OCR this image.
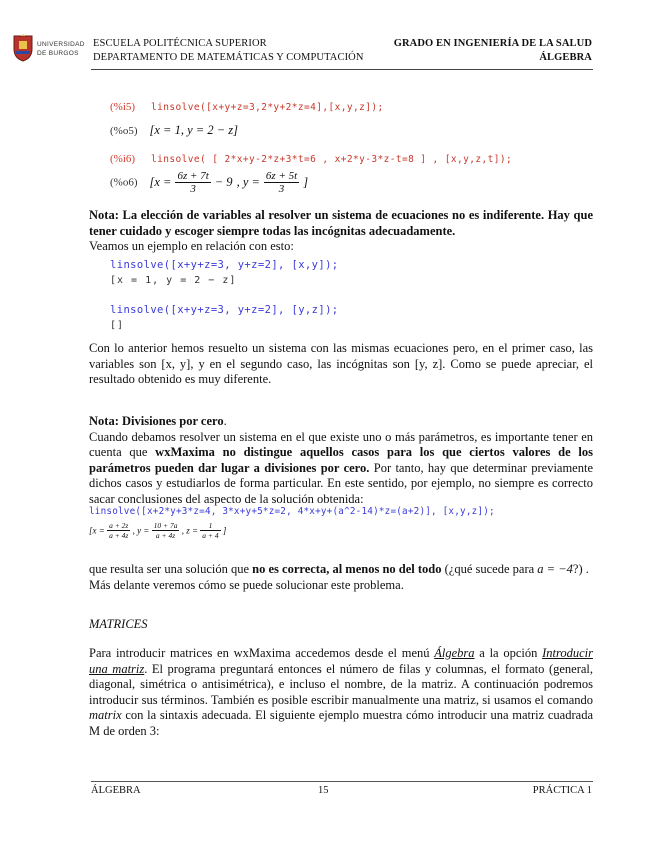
UNIVERSIDAD
DE BURGOS
ESCUELA POLITÉCNICA SUPERIOR
DEPARTAMENTO DE MATEMÁTICAS Y COMPUTACIÓN
GRADO EN INGENIERÍA DE LA SALUD
ÁLGEBRA
(%i5) linsolve([x+y+z=3,2*y+2*z=4],[x,y,z]);
(%o5) [x = 1, y = 2 − z]
(%i6) linsolve( [ 2*x+y-2*z+3*t=6 , x+2*y-3*z-t=8 ] , [x,y,z,t]);
(%o6) [$x = \frac{6z + 7t}{3} - 9$ , $y = \frac{6z + 5t}{3}$ ]
Nota: La elección de variables al resolver un sistema de ecuaciones no es indiferente. Hay que tener cuidado y escoger siempre todas las incógnitas adecuadamente.
Veamos un ejemplo en relación con esto:
linsolve([x+y+z=3, y+z=2], [x,y]);
[x = 1, y = 2 − z]
linsolve([x+y+z=3, y+z=2], [y,z]);
[]
Con lo anterior hemos resuelto un sistema con las mismas ecuaciones pero, en el primer caso, las variables son [x, y], y en el segundo caso, las incógnitas son [y, z]. Como se puede apreciar, el resultado obtenido es muy diferente.
Nota: Divisiones por cero.
Cuando debamos resolver un sistema en el que existe uno o más parámetros, es importante tener en cuenta que wxMaxima no distingue aquellos casos para los que ciertos valores de los parámetros pueden dar lugar a divisiones por cero. Por tanto, hay que determinar previamente dichos casos y estudiarlos de forma particular. En este sentido, por ejemplo, no siempre es correcto sacar conclusiones del aspecto de la solución obtenida:
linsolve([x+2*y+3*z=4, 3*x+y+5*z=2, 4*x+y+(a^2-14)*z=(a+2)], [x,y,z]);
[$x = \frac{a + 2z}{a + 4z}$ , $y = \frac{10 + 7a}{a + 4z}$ , $z = \frac{1}{a + 4}$ ]
que resulta ser una solución que no es correcta, al menos no del todo (¿qué sucede para a = −4?) .
Más delante veremos cómo se puede solucionar este problema.
MATRICES
Para introducir matrices en wxMaxima accedemos desde el menú Álgebra a la opción Introducir una matriz. El programa preguntará entonces el número de filas y columnas, el formato (general, diagonal, simétrica o antisimétrica), e incluso el nombre, de la matriz. A continuación podremos introducir sus términos. También es posible escribir manualmente una matriz, si usamos el comando matrix con la sintaxis adecuada. El siguiente ejemplo muestra cómo introducir una matriz cuadrada M de orden 3:
ÁLGEBRA	15	PRÁCTICA 1
